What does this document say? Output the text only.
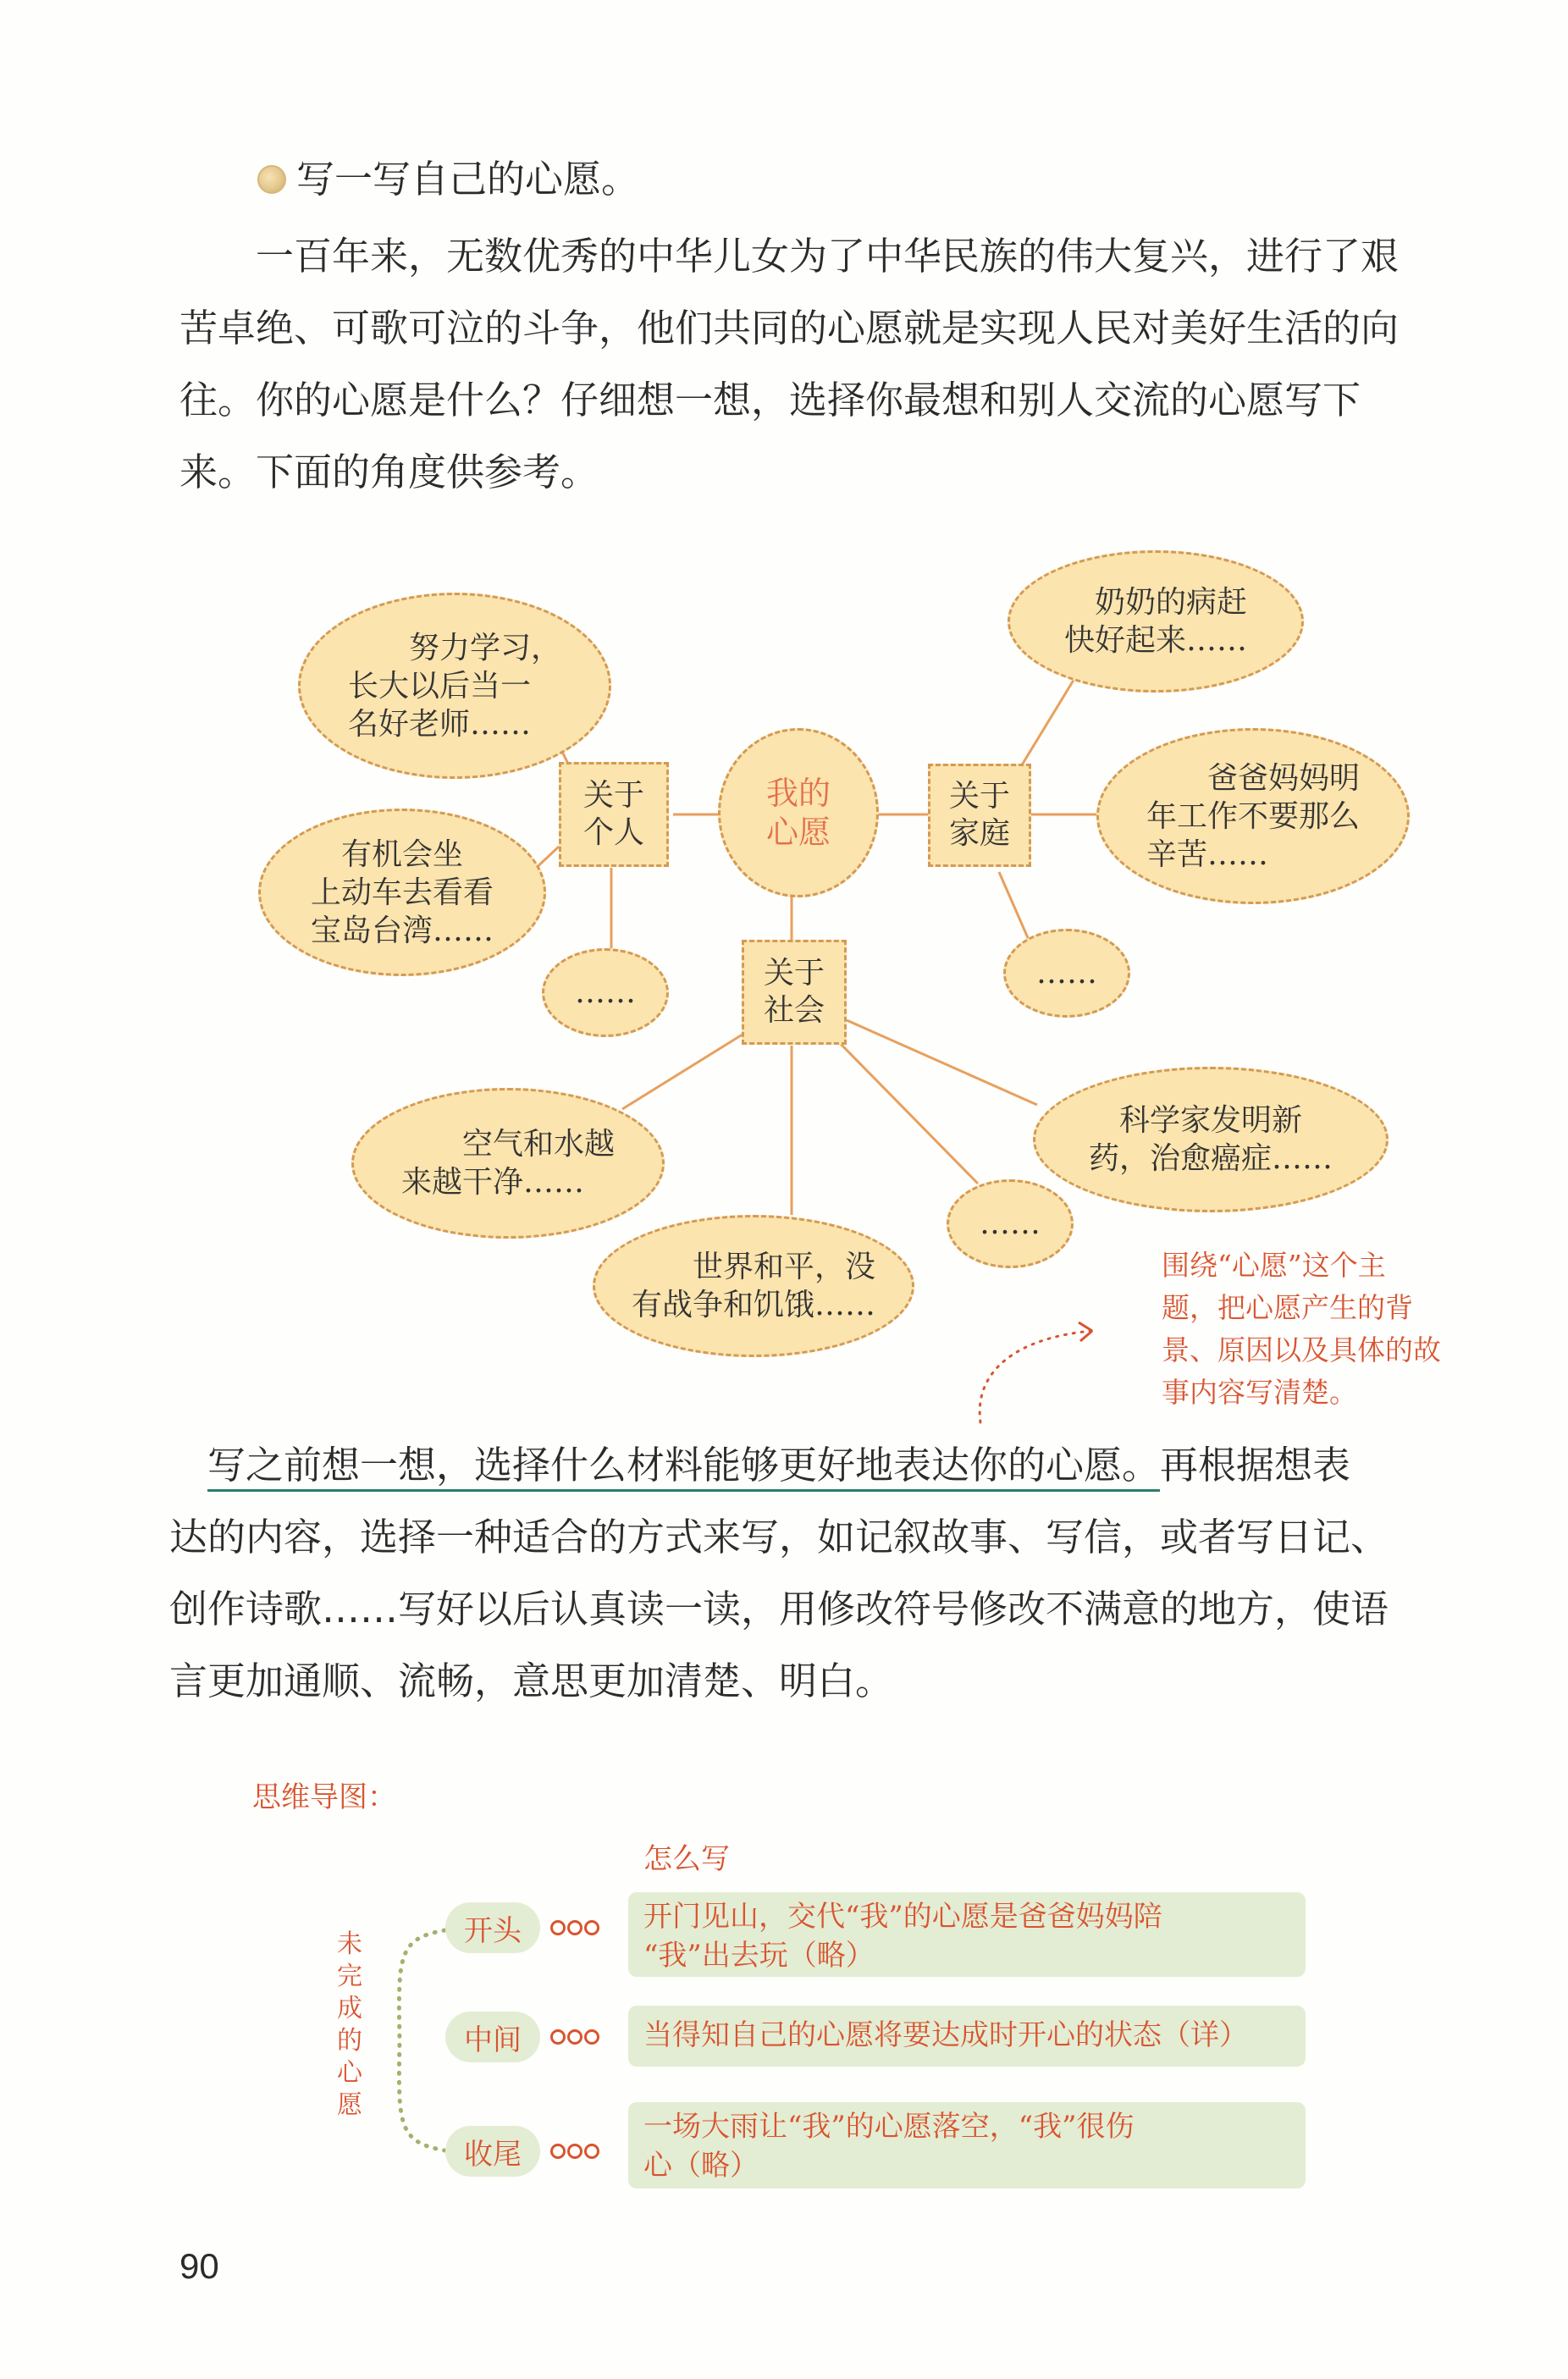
写一写自己的心愿。

　　一百年来，无数优秀的中华儿女为了中华民族的伟大复兴，进行了艰

苦卓绝、可歌可泣的斗争，他们共同的心愿就是实现人民对美好生活的向

往。你的心愿是什么？仔细想一想，选择你最想和别人交流的心愿写下

来。下面的角度供参考。

我的
心愿
关于
个人
关于
家庭
关于
社会
　　努力学习，
长大以后当一
名好老师……
　有机会坐
上动车去看看
宝岛台湾……
……
　奶奶的病赶
快好起来……
　　爸爸妈妈明
年工作不要那么
辛苦……
……
　　空气和水越
来越干净……
　　世界和平，没
有战争和饥饿……
……
　科学家发明新
药，治愈癌症……
围绕“心愿”这个主
题，把心愿产生的背
景、原因以及具体的故
事内容写清楚。

　写之前想一想，选择什么材料能够更好地表达你的心愿。再根据想表

达的内容，选择一种适合的方式来写，如记叙故事、写信，或者写日记、

创作诗歌……写好以后认真读一读，用修改符号修改不满意的地方，使语

言更加通顺、流畅，意思更加清楚、明白。

思维导图：
怎么写
未
完
成
的
心
愿
开头	开门见山，交代“我”的心愿是爸爸妈妈陪
“我”出去玩（略）
中间	当得知自己的心愿将要达成时开心的状态（详）
收尾
一场大雨让“我”的心愿落空，“我”很伤
心（略）
90
